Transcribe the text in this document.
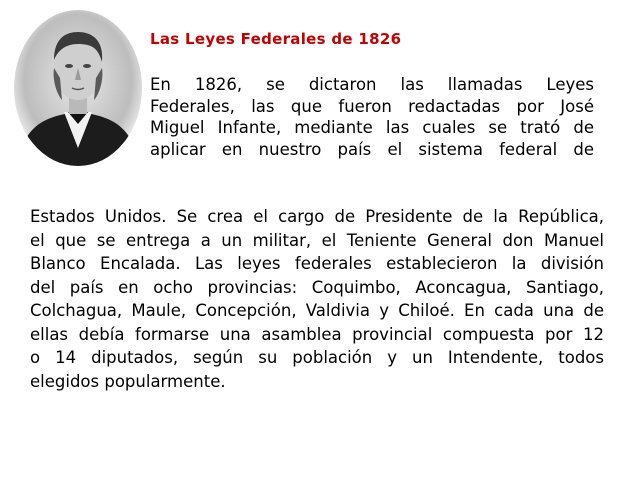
Las Leyes Federales de 1826
En 1826, se dictaron las llamadas Leyes
Federales, las que fueron redactadas por José
Miguel Infante, mediante las cuales se trató de
aplicar en nuestro país el sistema federal de
Estados Unidos. Se crea el cargo de Presidente de la República,
el que se entrega a un militar, el Teniente General don Manuel
Blanco Encalada. Las leyes federales establecieron la división
del país en ocho provincias: Coquimbo, Aconcagua, Santiago,
Colchagua, Maule, Concepción, Valdivia y Chiloé. En cada una de
ellas debía formarse una asamblea provincial compuesta por 12
o 14 diputados, según su población y un Intendente, todos
elegidos popularmente.
